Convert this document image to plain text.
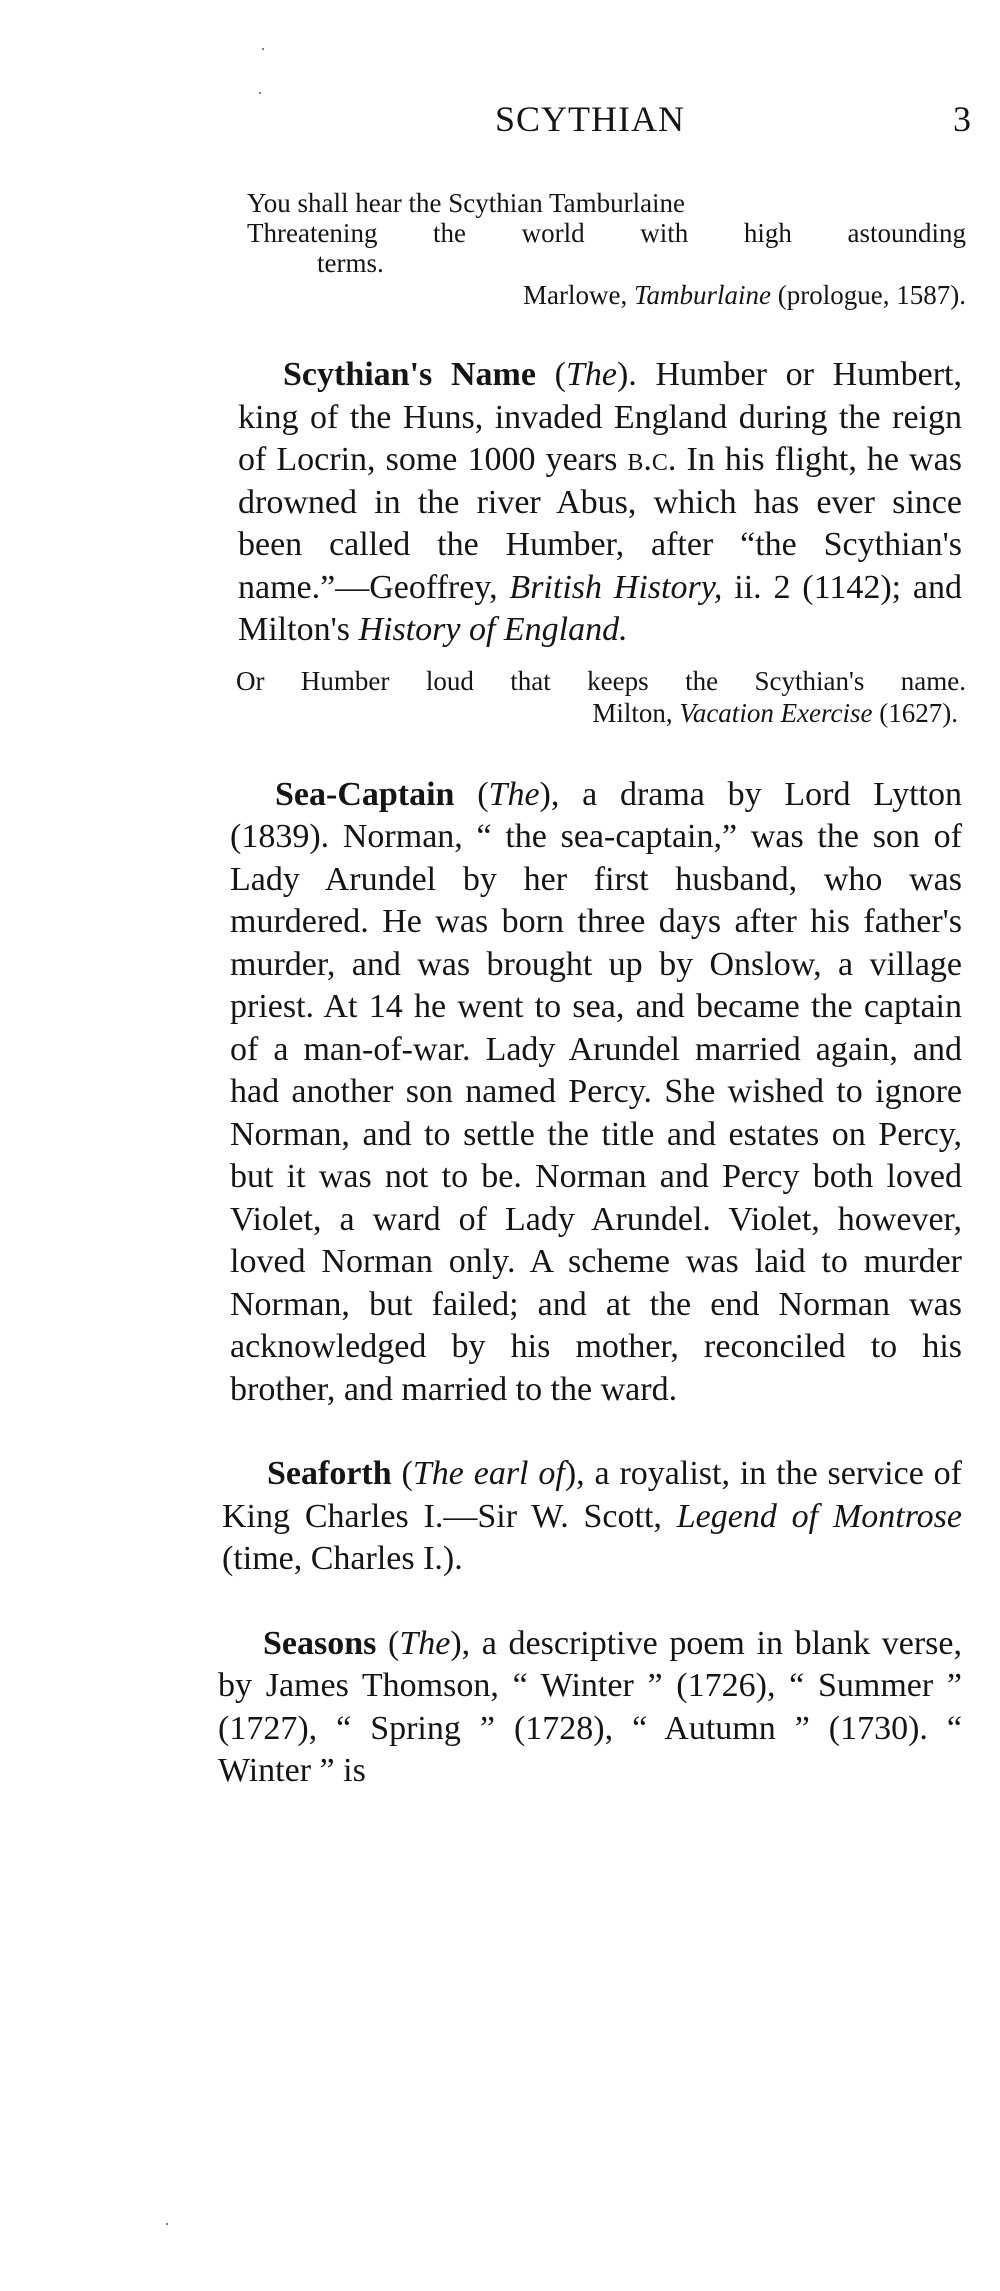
SCYTHIAN	3

You shall hear the Scythian Tamburlaine
Threatening the world with high astounding
terms.
Marlowe, Tamburlaine (prologue, 1587).

Scythian's Name (The). Humber or Humbert, king of the Huns, invaded England during the reign of Locrin, some 1000 years b.c. In his flight, he was drowned in the river Abus, which has ever since been called the Humber, after “the Scythian's name.”—Geoffrey, British History, ii. 2 (1142); and Milton's History of England.

Or Humber loud that keeps the Scythian's name.
Milton, Vacation Exercise (1627).

Sea-Captain (The), a drama by Lord Lytton (1839). Norman, “ the sea-captain,” was the son of Lady Arundel by her first husband, who was murdered. He was born three days after his father's murder, and was brought up by Onslow, a village priest. At 14 he went to sea, and became the captain of a man-of-war. Lady Arundel married again, and had another son named Percy. She wished to ignore Norman, and to settle the title and estates on Percy, but it was not to be. Norman and Percy both loved Violet, a ward of Lady Arundel. Violet, however, loved Norman only. A scheme was laid to murder Norman, but failed; and at the end Norman was acknowledged by his mother, reconciled to his brother, and married to the ward.

Seaforth (The earl of), a royalist, in the service of King Charles I.—Sir W. Scott, Legend of Montrose (time, Charles I.).

Seasons (The), a descriptive poem in blank verse, by James Thomson, “ Winter ” (1726), “ Summer ” (1727), “ Spring ” (1728), “ Autumn ” (1730). “ Winter ” is
